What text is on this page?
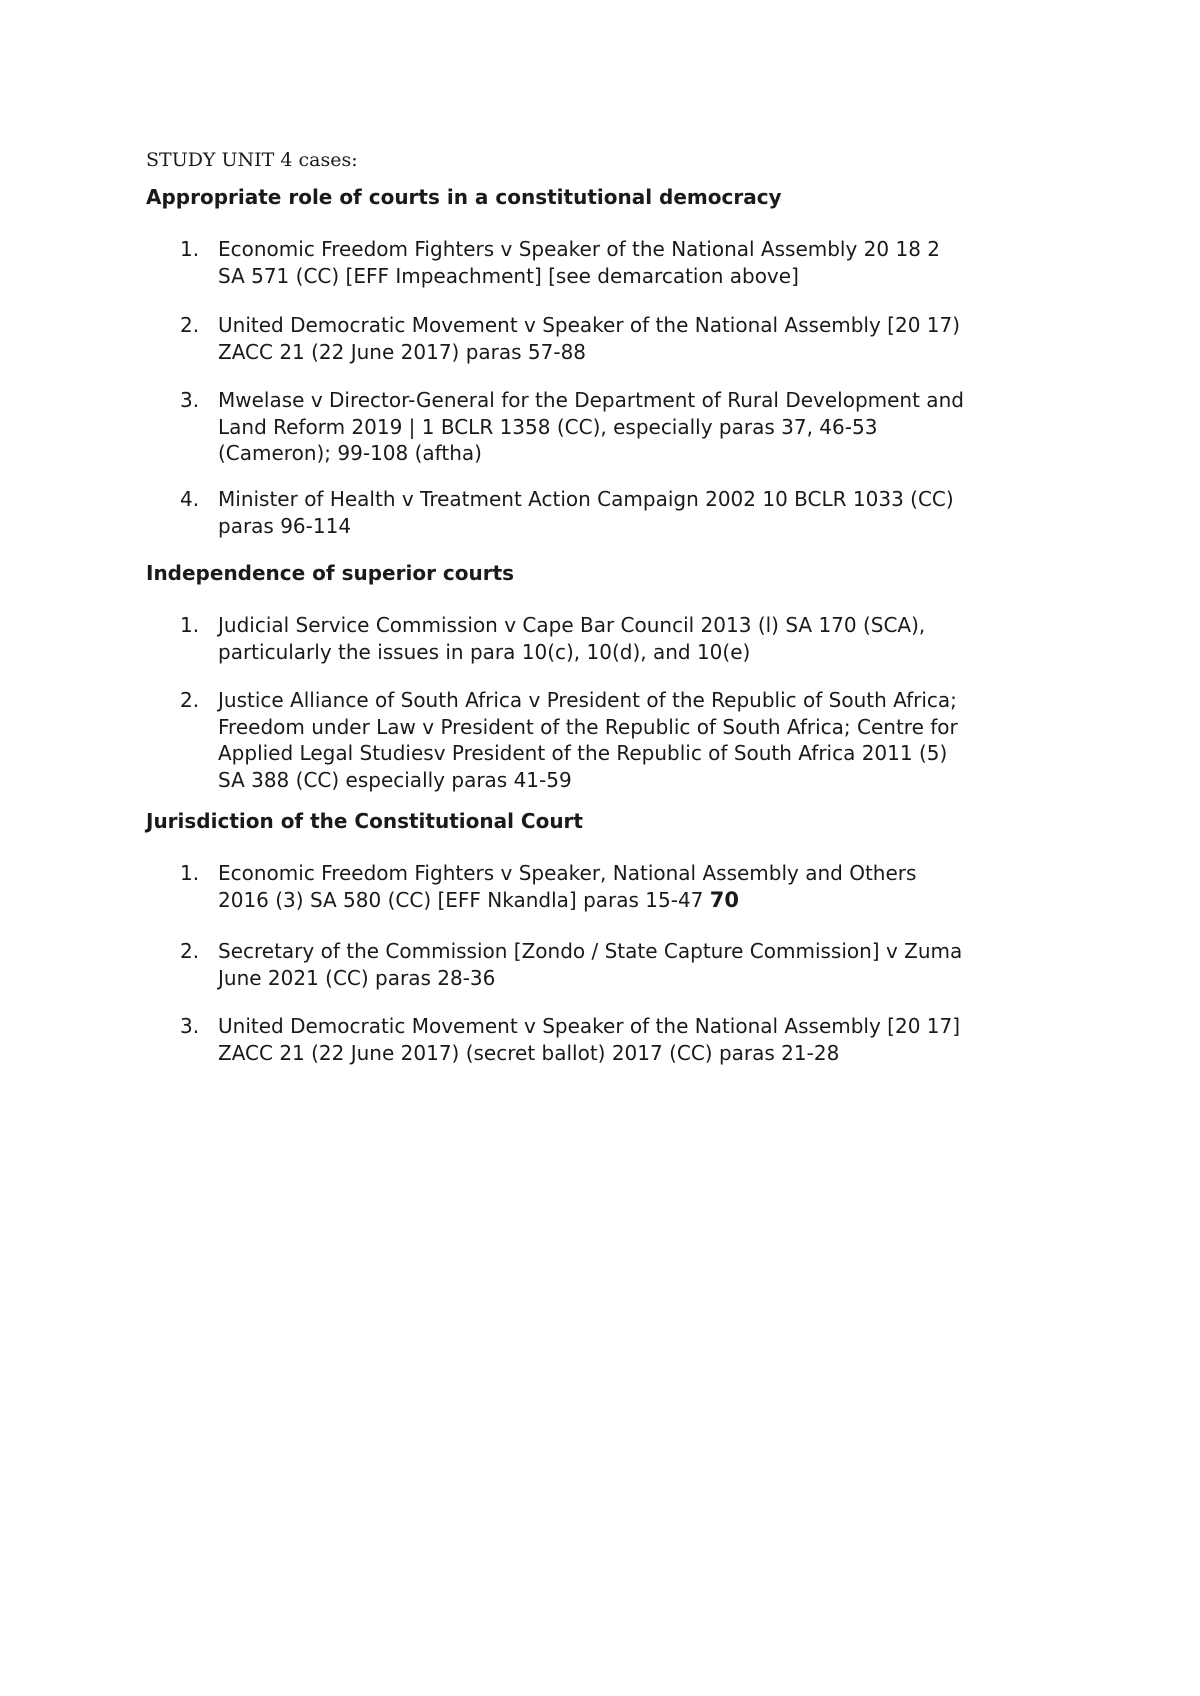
STUDY UNIT 4 cases:
Appropriate role of courts in a constitutional democracy
1. Economic Freedom Fighters v Speaker of the National Assembly 20 18 2
SA 571 (CC) [EFF Impeachment] [see demarcation above]
2. United Democratic Movement v Speaker of the National Assembly [20 17)
ZACC 21 (22 June 2017) paras 57-88
3. Mwelase v Director-General for the Department of Rural Development and
Land Reform 2019 | 1 BCLR 1358 (CC), especially paras 37, 46-53
(Cameron); 99-108 (aftha)
4. Minister of Health v Treatment Action Campaign 2002 10 BCLR 1033 (CC)
paras 96-114
Independence of superior courts
1. Judicial Service Commission v Cape Bar Council 2013 (l) SA 170 (SCA),
particularly the issues in para 10(c), 10(d), and 10(e)
2. Justice Alliance of South Africa v President of the Republic of South Africa;
Freedom under Law v President of the Republic of South Africa; Centre for
Applied Legal Studiesv President of the Republic of South Africa 2011 (5)
SA 388 (CC) especially paras 41-59
Jurisdiction of the Constitutional Court
1. Economic Freedom Fighters v Speaker, National Assembly and Others
2016 (3) SA 580 (CC) [EFF Nkandla] paras 15-47 70
2. Secretary of the Commission [Zondo / State Capture Commission] v Zuma
June 2021 (CC) paras 28-36
3. United Democratic Movement v Speaker of the National Assembly [20 17]
ZACC 21 (22 June 2017) (secret ballot) 2017 (CC) paras 21-28
